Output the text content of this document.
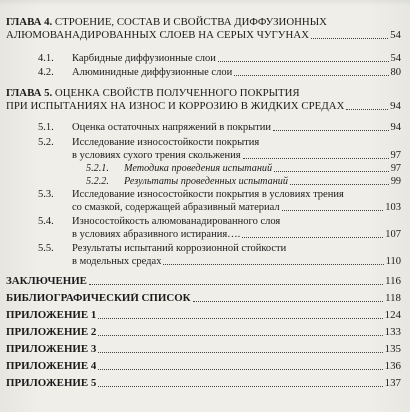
ГЛАВА 4. СТРОЕНИЕ, СОСТАВ И СВОЙСТВА ДИФФУЗИОННЫХ
АЛЮМОВАНАДИРОВАННЫХ СЛОЕВ НА СЕРЫХ ЧУГУНАХ	54
4.1. Карбидные диффузионные слои	54
4.2. Алюминидные диффузионные слои	80
ГЛАВА 5. ОЦЕНКА СВОЙСТВ ПОЛУЧЕННОГО ПОКРЫТИЯ
ПРИ ИСПЫТАНИЯХ НА ИЗНОС И КОРРОЗИЮ В ЖИДКИХ СРЕДАХ	94
5.1. Оценка остаточных напряжений в покрытии	94
5.2. Исследование износостойкости покрытия
в условиях сухого трения скольжения	97
5.2.1. Методика проведения испытаний	97
5.2.2. Результаты проведенных испытаний	99
5.3. Исследование износостойкости покрытия в условиях трения
со смазкой, содержащей абразивный материал	103
5.4. Износостойкость алюмованадированного слоя
в условиях абразивного истирания….	107
5.5. Результаты испытаний коррозионной стойкости
в модельных средах	110
ЗАКЛЮЧЕНИЕ	116
БИБЛИОГРАФИЧЕСКИЙ СПИСОК	118
ПРИЛОЖЕНИЕ 1	124
ПРИЛОЖЕНИЕ 2	133
ПРИЛОЖЕНИЕ 3	135
ПРИЛОЖЕНИЕ 4	136
ПРИЛОЖЕНИЕ 5	137
